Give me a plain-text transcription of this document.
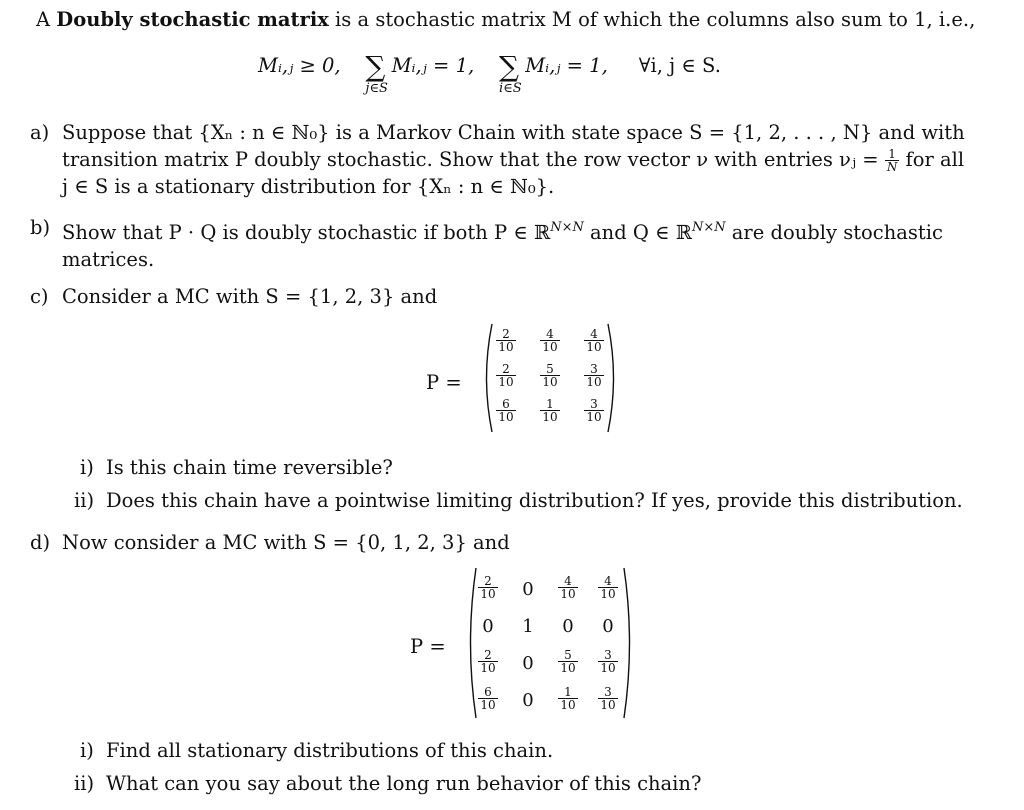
A Doubly stochastic matrix is a stochastic matrix M of which the columns also sum to 1, i.e.,
Mᵢ,ⱼ ≥ 0, ∑
j∈S
Mᵢ,ⱼ = 1, ∑
i∈S
Mᵢ,ⱼ = 1, ∀i, j ∈ S.
a) Suppose that {Xₙ : n ∈ ℕ₀} is a Markov Chain with state space S = {1, 2, . . . , N} and with
transition matrix P doubly stochastic. Show that the row vector ν with entries νⱼ = $\frac{1}{N}$ for all
j ∈ S is a stationary distribution for {Xₙ : n ∈ ℕ₀}.
b) Show that P · Q is doubly stochastic if both P ∈ ℝ$^{N\times N}$ and Q ∈ ℝ$^{N\times N}$ are doubly stochastic
matrices.
c) Consider a MC with S = {1, 2, 3} and
P =
$\frac{2}{10} \frac{4}{10} \frac{4}{10}$
$\frac{2}{10} \frac{5}{10} \frac{3}{10}$
$\frac{6}{10} \frac{1}{10} \frac{3}{10}$
i) Is this chain time reversible?
ii) Does this chain have a pointwise limiting distribution? If yes, provide this distribution.
d) Now consider a MC with S = {0, 1, 2, 3} and
P =
$\frac{2}{10}$	0	$\frac{4}{10} \frac{4}{10}$
0	1	0	0
$\frac{2}{10}$	0	$\frac{5}{10} \frac{3}{10}$
$\frac{6}{10}$	0	$\frac{1}{10} \frac{3}{10}$
i) Find all stationary distributions of this chain.
ii) What can you say about the long run behavior of this chain?
